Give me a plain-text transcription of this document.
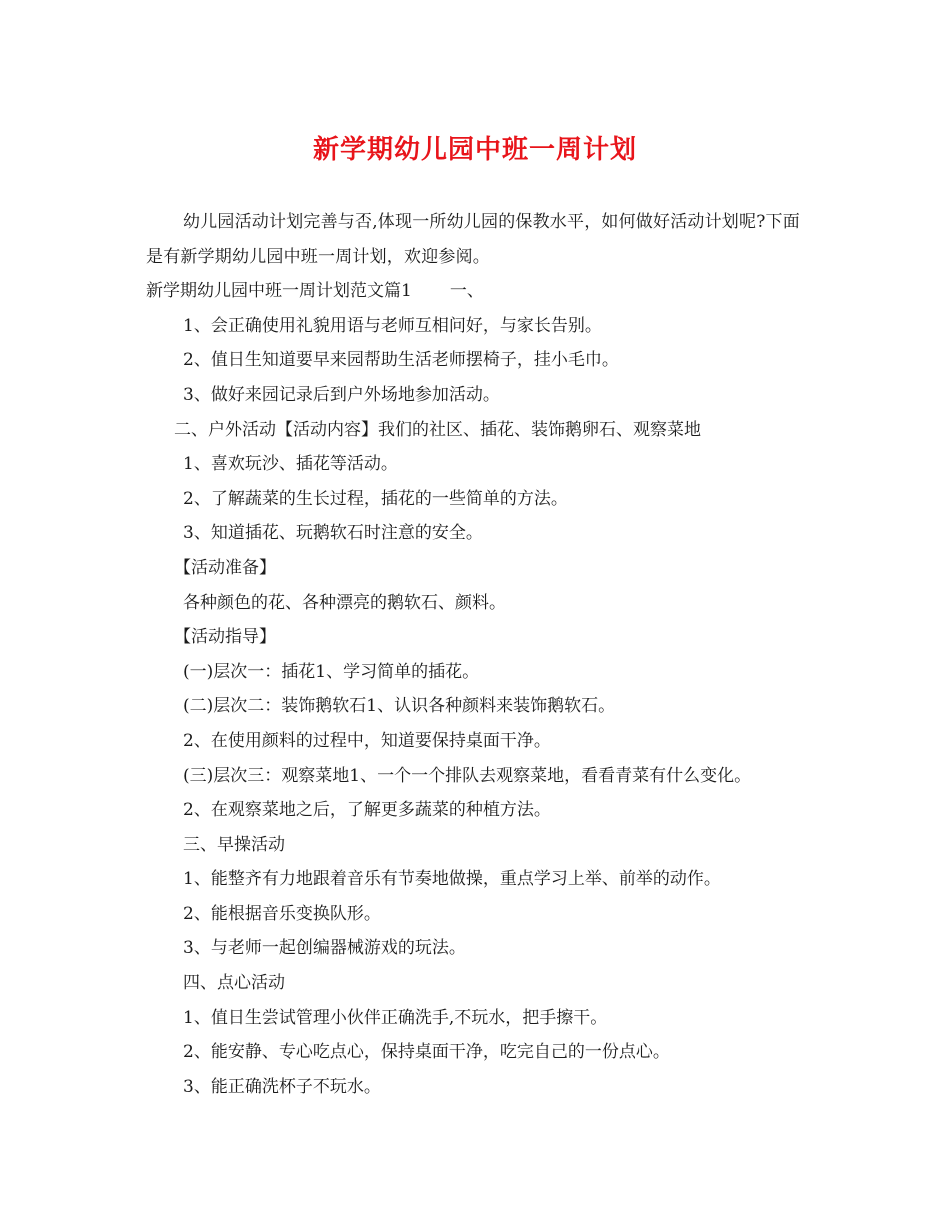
新学期幼儿园中班一周计划

幼儿园活动计划完善与否,体现一所幼儿园的保教水平，如何做好活动计划呢?下面是有新学期幼儿园中班一周计划，欢迎参阅。

新学期幼儿园中班一周计划范文篇1 一、

1、会正确使用礼貌用语与老师互相问好，与家长告别。

2、值日生知道要早来园帮助生活老师摆椅子，挂小毛巾。

3、做好来园记录后到户外场地参加活动。

二、户外活动【活动内容】我们的社区、插花、装饰鹅卵石、观察菜地

1、喜欢玩沙、插花等活动。

2、了解蔬菜的生长过程，插花的一些简单的方法。

3、知道插花、玩鹅软石时注意的安全。

【活动准备】

各种颜色的花、各种漂亮的鹅软石、颜料。

【活动指导】

(一)层次一：插花1、学习简单的插花。

(二)层次二：装饰鹅软石1、认识各种颜料来装饰鹅软石。

2、在使用颜料的过程中，知道要保持桌面干净。

(三)层次三：观察菜地1、一个一个排队去观察菜地，看看青菜有什么变化。

2、在观察菜地之后，了解更多蔬菜的种植方法。

三、早操活动

1、能整齐有力地跟着音乐有节奏地做操，重点学习上举、前举的动作。

2、能根据音乐变换队形。

3、与老师一起创编器械游戏的玩法。

四、点心活动

1、值日生尝试管理小伙伴正确洗手,不玩水，把手擦干。

2、能安静、专心吃点心，保持桌面干净，吃完自己的一份点心。

3、能正确洗杯子不玩水。
